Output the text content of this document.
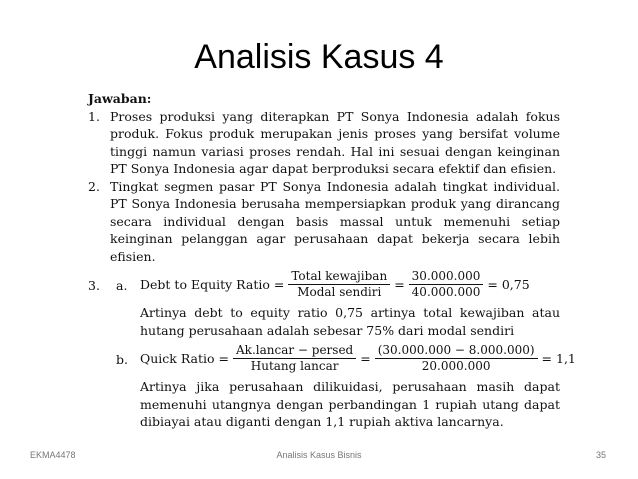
Analisis Kasus 4
Jawaban:
1. Proses produksi yang diterapkan PT Sonya Indonesia adalah fokus produk. Fokus produk merupakan jenis proses yang bersifat volume tinggi namun variasi proses rendah. Hal ini sesuai dengan keinginan PT Sonya Indonesia agar dapat berproduksi secara efektif dan efisien.
2. Tingkat segmen pasar PT Sonya Indonesia adalah tingkat individual. PT Sonya Indonesia berusaha mempersiapkan produk yang dirancang secara individual dengan basis massal untuk memenuhi setiap keinginan pelanggan agar perusahaan dapat bekerja secara lebih efisien.
3. a. Debt to Equity Ratio = $\frac{\text{Total kewajiban}}{\text{Modal sendiri}} = \frac{30.000.000}{40.000.000} = 0,75$
Artinya debt to equity ratio 0,75 artinya total kewajiban atau hutang perusahaan adalah sebesar 75% dari modal sendiri
b. Quick Ratio = $\frac{\text{Ak.lancar − persed}}{\text{Hutang lancar}} = \frac{(30.000.000 - 8.000.000)}{20.000.000} = 1,1$
Artinya jika perusahaan dilikuidasi, perusahaan masih dapat memenuhi utangnya dengan perbandingan 1 rupiah utang dapat dibiayai atau diganti dengan 1,1 rupiah aktiva lancarnya.
EKMA4478	Analisis Kasus Bisnis	35
